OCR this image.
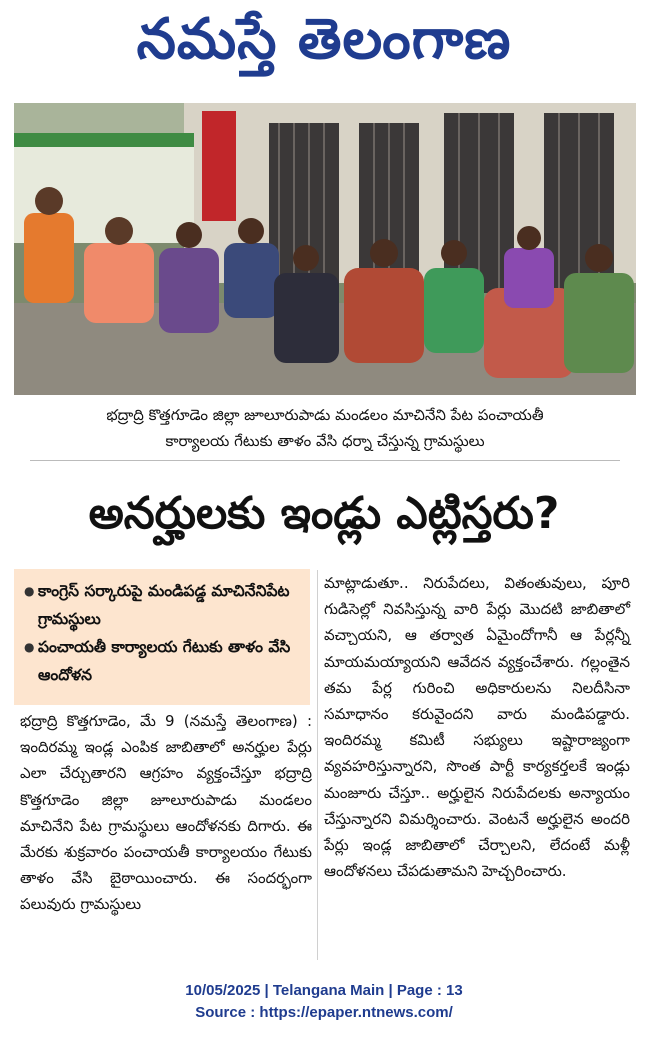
నమస్తే తెలంగాణ
భద్రాద్రి కొత్తగూడెం జిల్లా జూలూరుపాడు మండలం మాచినేని పేట పంచాయతీ
కార్యాలయ గేటుకు తాళం వేసి ధర్నా చేస్తున్న గ్రామస్థులు
అనర్హులకు ఇండ్లు ఎట్లిస్తరు?
● కాంగ్రెస్ సర్కారుపై మండిపడ్డ మాచినేనిపేట గ్రామస్థులు
● పంచాయతీ కార్యాలయ గేటుకు తాళం వేసి ఆందోళన
భద్రాద్రి కొత్తగూడెం, మే 9 (నమస్తే తెలంగాణ) : ఇందిరమ్మ ఇండ్ల ఎంపిక జాబితాలో అనర్హుల పేర్లు ఎలా చేర్చుతారని ఆగ్రహం వ్యక్తంచేస్తూ భద్రాద్రి కొత్తగూడెం జిల్లా జూలూరుపాడు మండలం మాచినేని పేట గ్రామస్థులు ఆందోళనకు దిగారు. ఈ మేరకు శుక్రవారం పంచాయతీ కార్యాలయం గేటుకు తాళం వేసి బైఠాయించారు. ఈ సందర్భంగా పలువురు గ్రామస్థులు
మాట్లాడుతూ.. నిరుపేదలు, వితంతువులు, పూరి గుడిసెల్లో నివసిస్తున్న వారి పేర్లు మొదటి జాబితాలో వచ్చాయని, ఆ తర్వాత ఏమైందోగానీ ఆ పేర్లన్నీ మాయమయ్యాయని ఆవేదన వ్యక్తంచేశారు. గల్లంతైన తమ పేర్ల గురించి అధికారులను నిలదీసినా సమాధానం కరువైందని వారు మండిపడ్డారు. ఇందిరమ్మ కమిటీ సభ్యులు ఇష్టారాజ్యంగా వ్యవహరిస్తున్నారని, సొంత పార్టీ కార్యకర్తలకే ఇండ్లు మంజూరు చేస్తూ.. అర్హులైన నిరుపేదలకు అన్యాయం చేస్తున్నారని విమర్శించారు. వెంటనే అర్హులైన అందరి పేర్లు ఇండ్ల జాబితాలో చేర్చాలని, లేదంటే మళ్లీ ఆందోళనలు చేపడుతామని హెచ్చరించారు.
10/05/2025 | Telangana Main | Page : 13
Source : https://epaper.ntnews.com/
